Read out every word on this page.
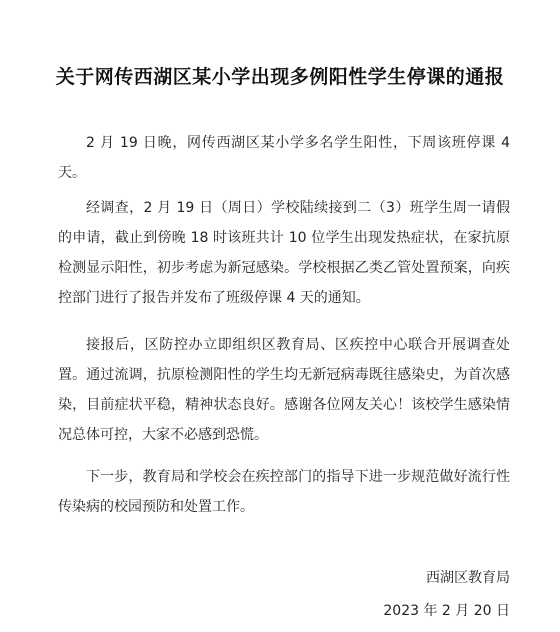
关于网传西湖区某小学出现多例阳性学生停课的通报

2 月 19 日晚，网传西湖区某小学多名学生阳性，下周该班停课 4 天。

经调查，2 月 19 日（周日）学校陆续接到二（3）班学生周一请假的申请，截止到傍晚 18 时该班共计 10 位学生出现发热症状，在家抗原检测显示阳性，初步考虑为新冠感染。学校根据乙类乙管处置预案，向疾控部门进行了报告并发布了班级停课 4 天的通知。

接报后，区防控办立即组织区教育局、区疾控中心联合开展调查处置。通过流调，抗原检测阳性的学生均无新冠病毒既往感染史，为首次感染，目前症状平稳，精神状态良好。感谢各位网友关心！该校学生感染情况总体可控，大家不必感到恐慌。

下一步，教育局和学校会在疾控部门的指导下进一步规范做好流行性传染病的校园预防和处置工作。

西湖区教育局
2023 年 2 月 20 日
